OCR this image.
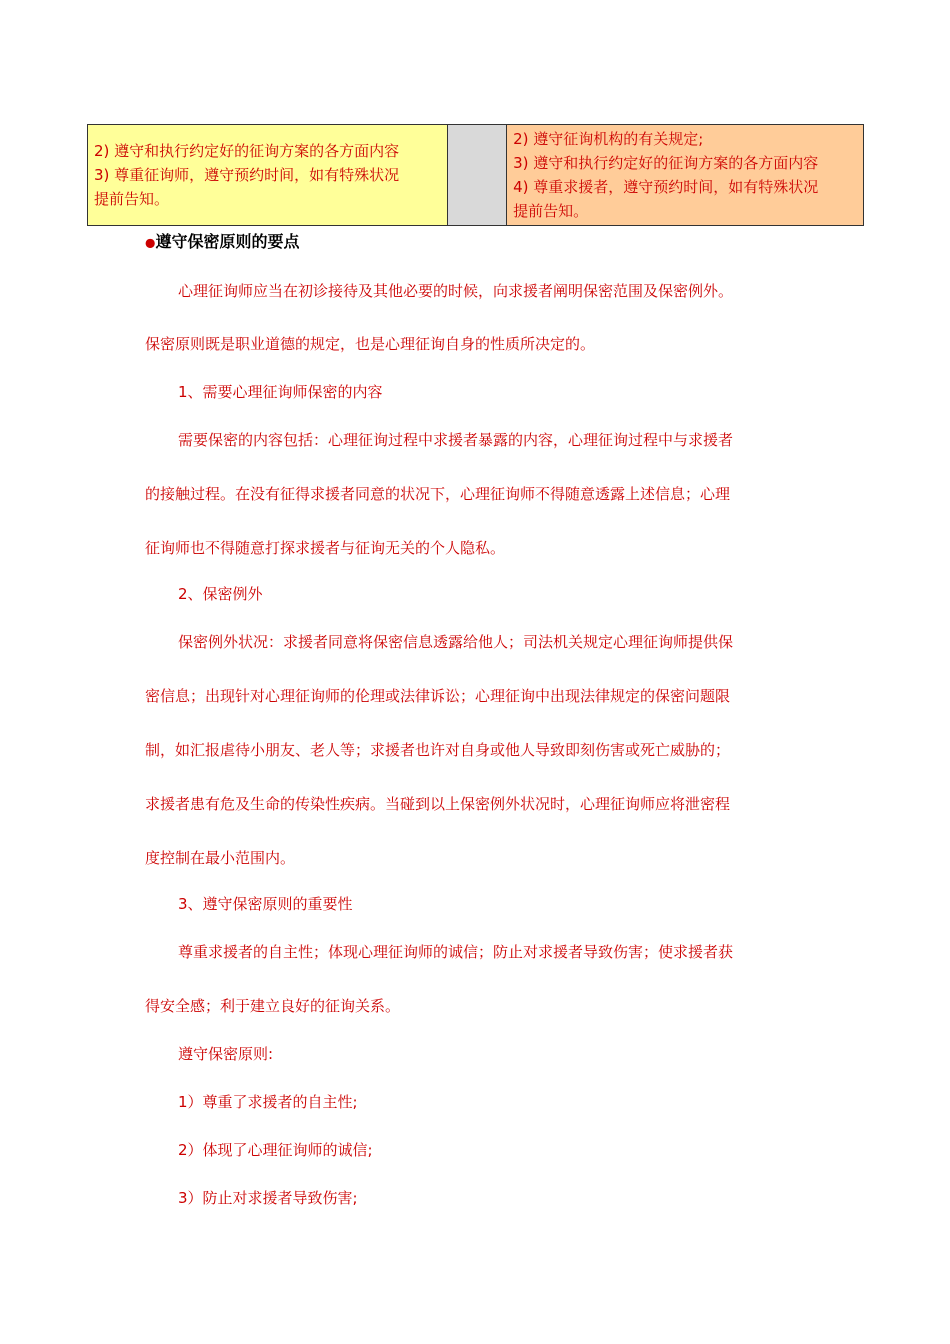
2) 遵守和执行约定好的征询方案的各方面内容
3) 尊重征询师，遵守预约时间，如有特殊状况
提前告知。

2) 遵守征询机构的有关规定;
3) 遵守和执行约定好的征询方案的各方面内容
4) 尊重求援者，遵守预约时间，如有特殊状况
提前告知。
●遵守保密原则的要点
心理征询师应当在初诊接待及其他必要的时候，向求援者阐明保密范围及保密例外。
保密原则既是职业道德的规定，也是心理征询自身的性质所决定的。
1、需要心理征询师保密的内容
需要保密的内容包括：心理征询过程中求援者暴露的内容，心理征询过程中与求援者
的接触过程。在没有征得求援者同意的状况下，心理征询师不得随意透露上述信息；心理
征询师也不得随意打探求援者与征询无关的个人隐私。
2、保密例外
保密例外状况：求援者同意将保密信息透露给他人；司法机关规定心理征询师提供保
密信息；出现针对心理征询师的伦理或法律诉讼；心理征询中出现法律规定的保密问题限
制，如汇报虐待小朋友、老人等；求援者也许对自身或他人导致即刻伤害或死亡威胁的；
求援者患有危及生命的传染性疾病。当碰到以上保密例外状况时，心理征询师应将泄密程
度控制在最小范围内。
3、遵守保密原则的重要性
尊重求援者的自主性；体现心理征询师的诚信；防止对求援者导致伤害；使求援者获
得安全感；利于建立良好的征询关系。
遵守保密原则:
1）尊重了求援者的自主性;
2）体现了心理征询师的诚信;
3）防止对求援者导致伤害;
